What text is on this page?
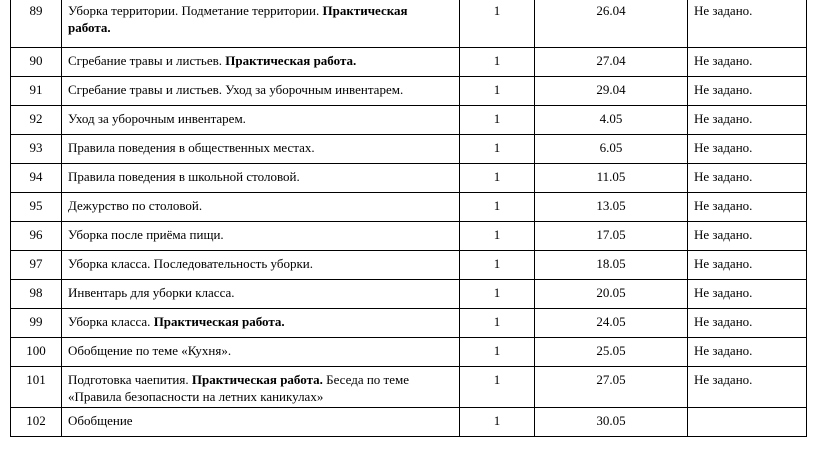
89	Уборка территории. Подметание территории. Практическая работа.	1	26.04	Не задано.
90	Сгребание травы и листьев. Практическая работа.	1	27.04	Не задано.
91	Сгребание травы и листьев. Уход за уборочным инвентарем.	1	29.04	Не задано.
92	Уход за уборочным инвентарем.	1	4.05	Не задано.
93	Правила поведения в общественных местах.	1	6.05	Не задано.
94	Правила поведения в школьной столовой.	1	11.05	Не задано.
95	Дежурство по столовой.	1	13.05	Не задано.
96	Уборка после приёма пищи.	1	17.05	Не задано.
97	Уборка класса. Последовательность уборки.	1	18.05	Не задано.
98	Инвентарь для уборки класса.	1	20.05	Не задано.
99	Уборка класса. Практическая работа.	1	24.05	Не задано.
100	Обобщение по теме «Кухня».	1	25.05	Не задано.
101	Подготовка чаепития. Практическая работа. Беседа по теме «Правила безопасности на летних каникулах»	1	27.05	Не задано.
102	Обобщение	1	30.05	
